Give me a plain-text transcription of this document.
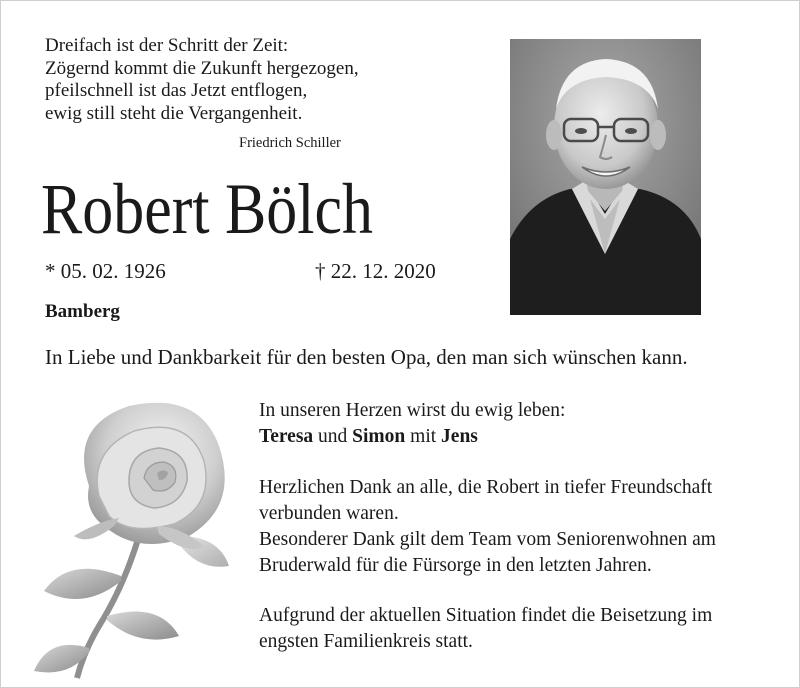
Dreifach ist der Schritt der Zeit:
Zögernd kommt die Zukunft hergezogen,
pfeilschnell ist das Jetzt entflogen,
ewig still steht die Vergangenheit.
Friedrich Schiller
Robert Bölch
* 05. 02. 1926	† 22. 12. 2020
Bamberg
In Liebe und Dankbarkeit für den besten Opa, den man sich wünschen kann.
In unseren Herzen wirst du ewig leben:
Teresa und Simon mit Jens
Herzlichen Dank an alle, die Robert in tiefer Freundschaft
verbunden waren.
Besonderer Dank gilt dem Team vom Seniorenwohnen am
Bruderwald für die Fürsorge in den letzten Jahren.
Aufgrund der aktuellen Situation findet die Beisetzung im
engsten Familienkreis statt.
